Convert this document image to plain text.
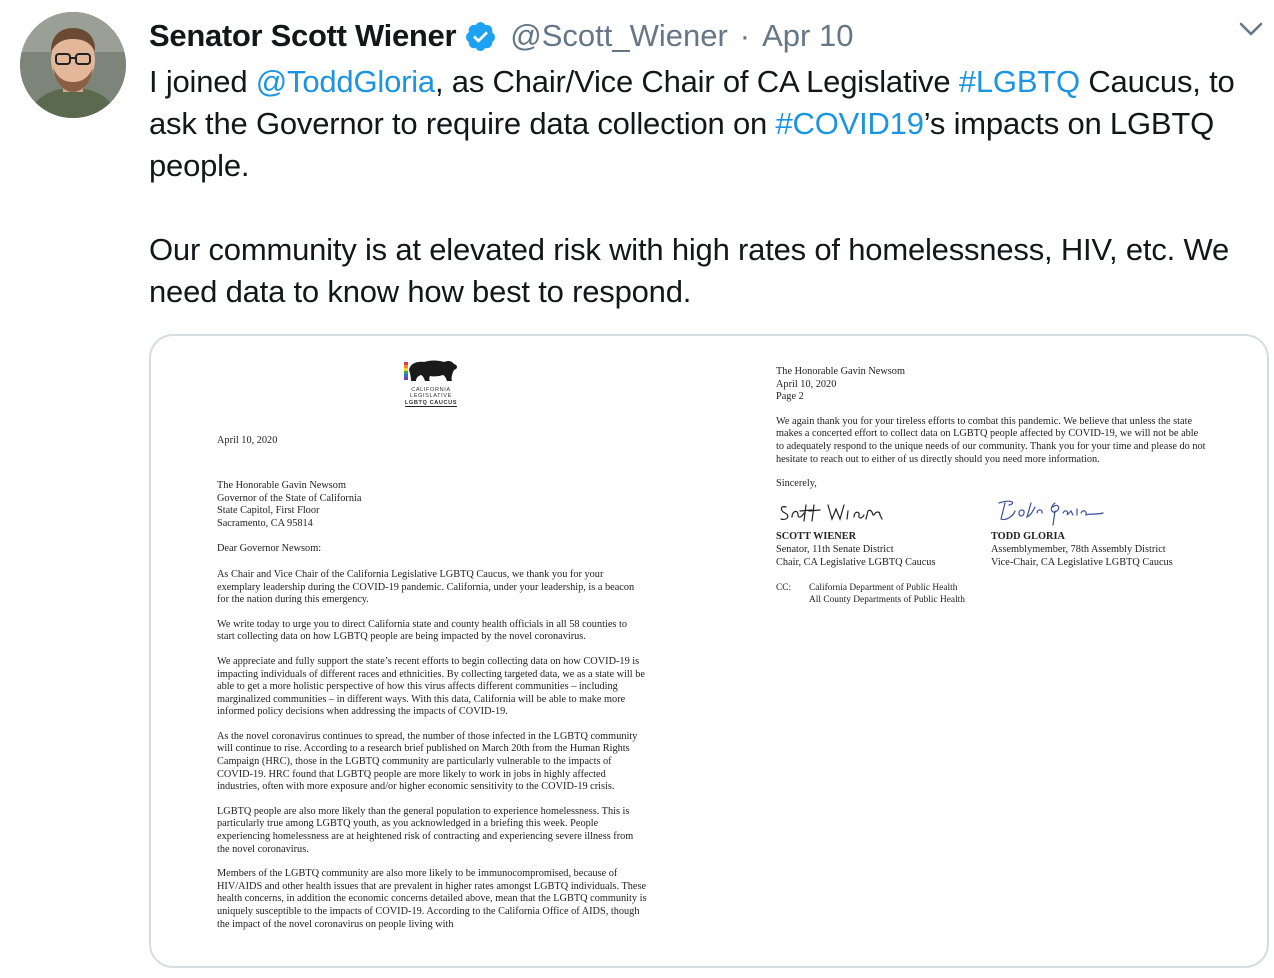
Senator Scott Wiener @Scott_Wiener · Apr 10

I joined @ToddGloria, as Chair/Vice Chair of CA Legislative #LGBTQ Caucus, to ask the Governor to require data collection on #COVID19’s impacts on LGBTQ people.

Our community is at elevated risk with high rates of homelessness, HIV, etc. We need data to know how best to respond.

CALIFORNIA
LEGISLATIVE
LGBTQ CAUCUS

April 10, 2020

The Honorable Gavin Newsom

Governor of the State of California

State Capitol, First Floor

Sacramento, CA 95814

Dear Governor Newsom:

As Chair and Vice Chair of the California Legislative LGBTQ Caucus, we thank you for your exemplary leadership during the COVID-19 pandemic. California, under your leadership, is a beacon for the nation during this emergency.

We write today to urge you to direct California state and county health officials in all 58 counties to start collecting data on how LGBTQ people are being impacted by the novel coronavirus.

We appreciate and fully support the state’s recent efforts to begin collecting data on how COVID-19 is impacting individuals of different races and ethnicities. By collecting targeted data, we as a state will be able to get a more holistic perspective of how this virus affects different communities – including marginalized communities – in different ways. With this data, California will be able to make more informed policy decisions when addressing the impacts of COVID-19.

As the novel coronavirus continues to spread, the number of those infected in the LGBTQ community will continue to rise. According to a research brief published on March 20th from the Human Rights Campaign (HRC), those in the LGBTQ community are particularly vulnerable to the impacts of COVID-19. HRC found that LGBTQ people are more likely to work in jobs in highly affected industries, often with more exposure and/or higher economic sensitivity to the COVID-19 crisis.

LGBTQ people are also more likely than the general population to experience homelessness. This is particularly true among LGBTQ youth, as you acknowledged in a briefing this week. People experiencing homelessness are at heightened risk of contracting and experiencing severe illness from the novel coronavirus.

Members of the LGBTQ community are also more likely to be immunocompromised, because of HIV/AIDS and other health issues that are prevalent in higher rates amongst LGBTQ individuals. These health concerns, in addition the economic concerns detailed above, mean that the LGBTQ community is uniquely susceptible to the impacts of COVID-19. According to the California Office of AIDS, though the impact of the novel coronavirus on people living with

The Honorable Gavin Newsom

April 10, 2020

Page 2

We again thank you for your tireless efforts to combat this pandemic. We believe that unless the state makes a concerted effort to collect data on LGBTQ people affected by COVID-19, we will not be able to adequately respond to the unique needs of our community. Thank you for your time and please do not hesitate to reach out to either of us directly should you need more information.

Sincerely,

SCOTT WIENER

Senator, 11th Senate District

Chair, CA Legislative LGBTQ Caucus

TODD GLORIA

Assemblymember, 78th Assembly District

Vice-Chair, CA Legislative LGBTQ Caucus

CC:	California Department of Public Health

All County Departments of Public Health
